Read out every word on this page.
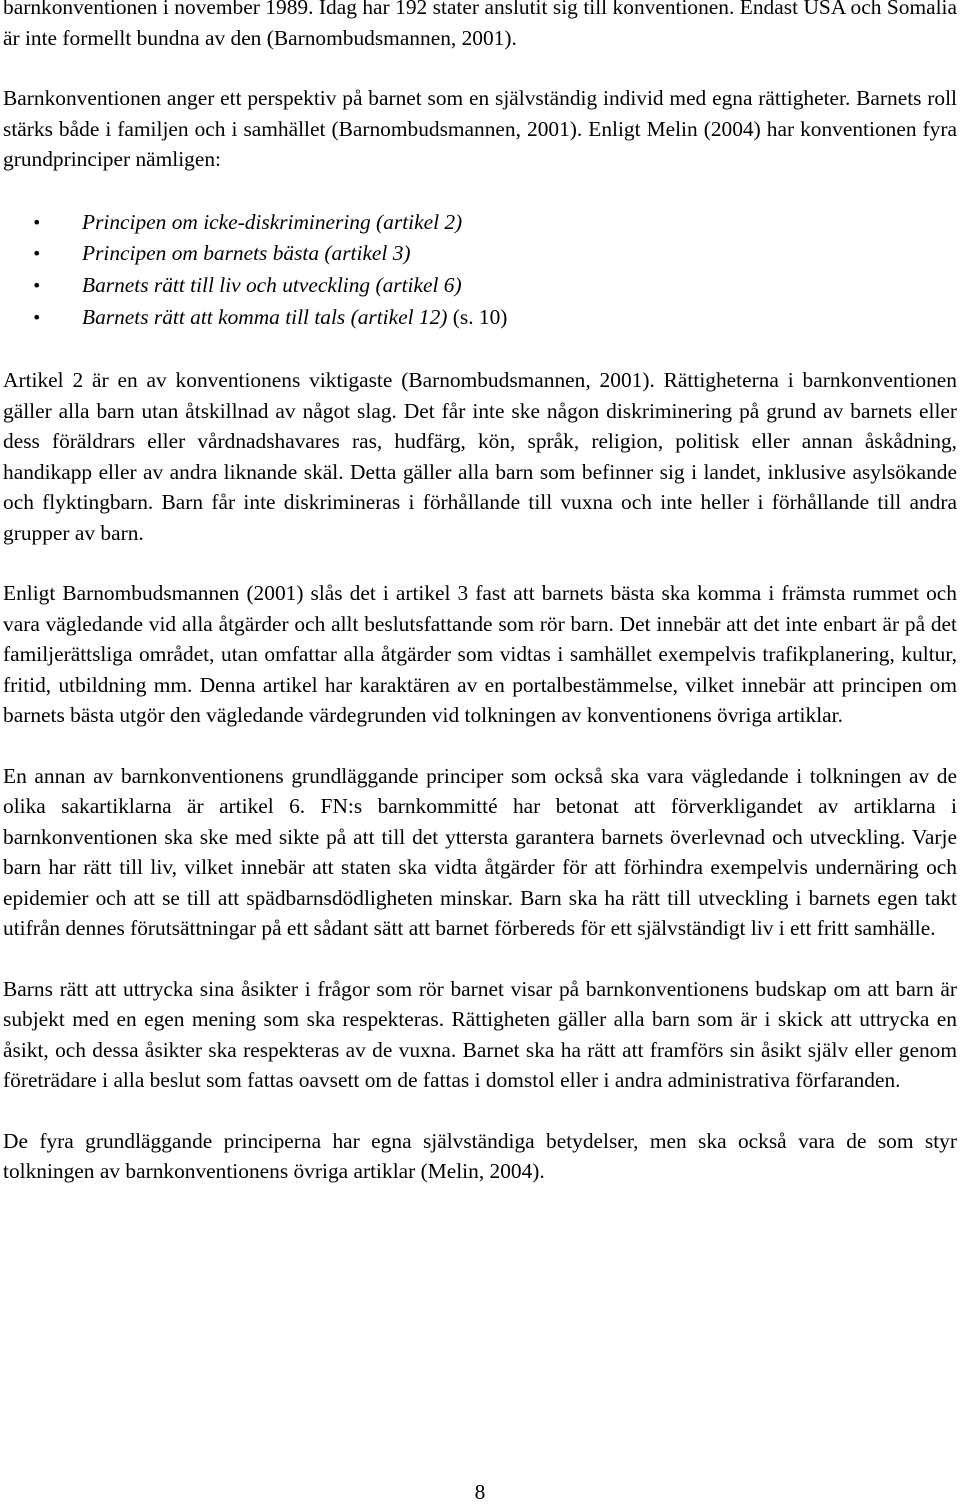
barnkonventionen i november 1989. Idag har 192 stater anslutit sig till konventionen. Endast USA och Somalia är inte formellt bundna av den (Barnombudsmannen, 2001).

Barnkonventionen anger ett perspektiv på barnet som en självständig individ med egna rättigheter. Barnets roll stärks både i familjen och i samhället (Barnombudsmannen, 2001). Enligt Melin (2004) har konventionen fyra grundprinciper nämligen:

• Principen om icke-diskriminering (artikel 2)
• Principen om barnets bästa (artikel 3)
• Barnets rätt till liv och utveckling (artikel 6)
• Barnets rätt att komma till tals (artikel 12) (s. 10)

Artikel 2 är en av konventionens viktigaste (Barnombudsmannen, 2001). Rättigheterna i barnkonventionen gäller alla barn utan åtskillnad av något slag. Det får inte ske någon diskriminering på grund av barnets eller dess föräldrars eller vårdnadshavares ras, hudfärg, kön, språk, religion, politisk eller annan åskådning, handikapp eller av andra liknande skäl. Detta gäller alla barn som befinner sig i landet, inklusive asylsökande och flyktingbarn. Barn får inte diskrimineras i förhållande till vuxna och inte heller i förhållande till andra grupper av barn.

Enligt Barnombudsmannen (2001) slås det i artikel 3 fast att barnets bästa ska komma i främsta rummet och vara vägledande vid alla åtgärder och allt beslutsfattande som rör barn. Det innebär att det inte enbart är på det familjerättsliga området, utan omfattar alla åtgärder som vidtas i samhället exempelvis trafikplanering, kultur, fritid, utbildning mm. Denna artikel har karaktären av en portalbestämmelse, vilket innebär att principen om barnets bästa utgör den vägledande värdegrunden vid tolkningen av konventionens övriga artiklar.

En annan av barnkonventionens grundläggande principer som också ska vara vägledande i tolkningen av de olika sakartiklarna är artikel 6. FN:s barnkommitté har betonat att förverkligandet av artiklarna i barnkonventionen ska ske med sikte på att till det yttersta garantera barnets överlevnad och utveckling. Varje barn har rätt till liv, vilket innebär att staten ska vidta åtgärder för att förhindra exempelvis undernäring och epidemier och att se till att spädbarnsdödligheten minskar. Barn ska ha rätt till utveckling i barnets egen takt utifrån dennes förutsättningar på ett sådant sätt att barnet förbereds för ett självständigt liv i ett fritt samhälle.

Barns rätt att uttrycka sina åsikter i frågor som rör barnet visar på barnkonventionens budskap om att barn är subjekt med en egen mening som ska respekteras. Rättigheten gäller alla barn som är i skick att uttrycka en åsikt, och dessa åsikter ska respekteras av de vuxna. Barnet ska ha rätt att framförs sin åsikt själv eller genom företrädare i alla beslut som fattas oavsett om de fattas i domstol eller i andra administrativa förfaranden.

De fyra grundläggande principerna har egna självständiga betydelser, men ska också vara de som styr tolkningen av barnkonventionens övriga artiklar (Melin, 2004).

8
